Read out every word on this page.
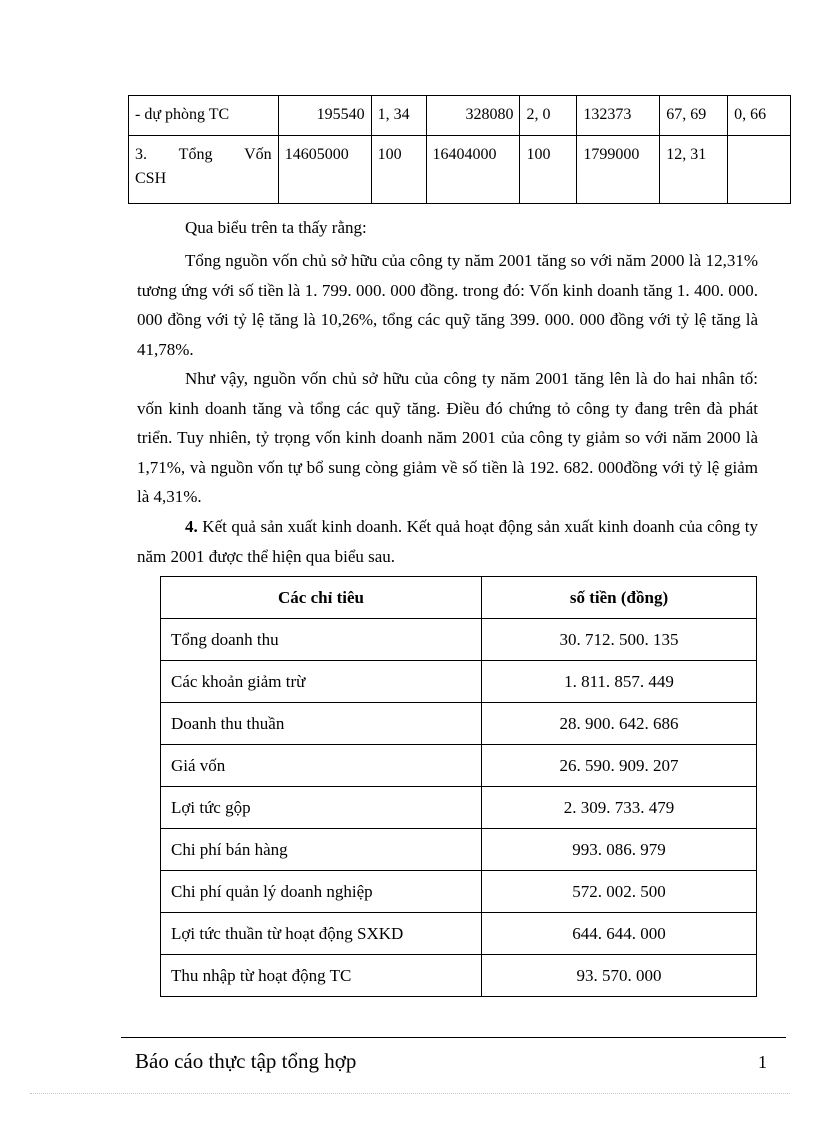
- dự phòng TC	195540	1, 34	328080	2, 0	132373	67, 69	0, 66

3. Tổng Vốn
CSH	14605000	100	16404000	100	1799000	12, 31	

Qua biểu trên ta thấy rằng:

Tổng nguồn vốn chủ sở hữu của công ty năm 2001 tăng so với năm 2000 là 12,31% tương ứng với số tiền là 1. 799. 000. 000 đồng. trong đó: Vốn kinh doanh tăng 1. 400. 000. 000 đồng với tỷ lệ tăng là 10,26%, tổng các quỹ tăng 399. 000. 000 đồng với tỷ lệ tăng là 41,78%.

Như vậy, nguồn vốn chủ sở hữu của công ty năm 2001 tăng lên là do hai nhân tố: vốn kinh doanh tăng và tổng các quỹ tăng. Điều đó chứng tỏ công ty đang trên đà phát triển. Tuy nhiên, tỷ trọng vốn kinh doanh năm 2001 của công ty giảm so với năm 2000 là 1,71%, và nguồn vốn tự bổ sung còng giảm về số tiền là 192. 682. 000đồng với tỷ lệ giảm là 4,31%.

4. Kết quả sản xuất kinh doanh. Kết quả hoạt động sản xuất kinh doanh của công ty năm 2001 được thể hiện qua biểu sau.

Các chỉ tiêu	số tiền (đồng)
Tổng doanh thu	30. 712. 500. 135
Các khoản giảm trừ	1. 811. 857. 449
Doanh thu thuần	28. 900. 642. 686
Giá vốn	26. 590. 909. 207
Lợi tức gộp	2. 309. 733. 479
Chi phí bán hàng	993. 086. 979
Chi phí quản lý doanh nghiệp	572. 002. 500
Lợi tức thuần từ hoạt động SXKD	644. 644. 000
Thu nhập từ hoạt động TC	93. 570. 000
Báo cáo thực tập tổng hợp	1
